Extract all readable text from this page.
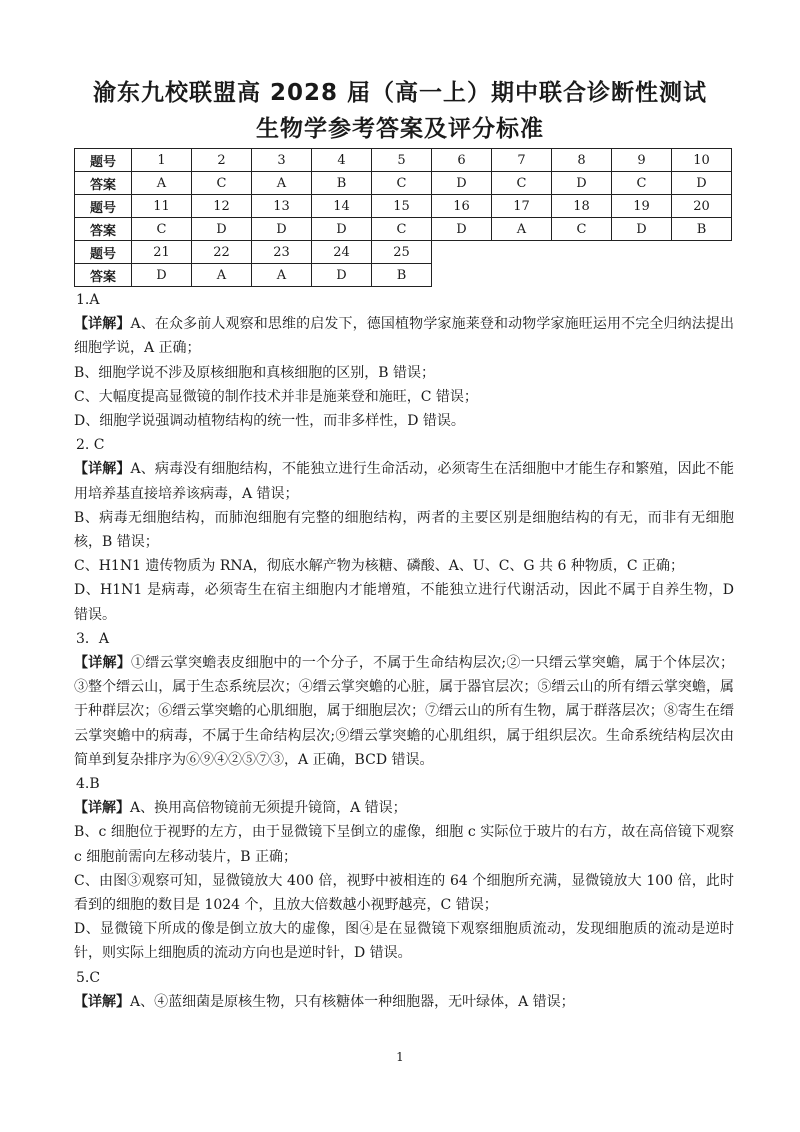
渝东九校联盟高 2028 届（高一上）期中联合诊断性测试
生物学参考答案及评分标准
题号	1	2	3	4	5	6	7	8	9	10
答案	A	C	A	B	C	D	C	D	C	D
题号	11	12	13	14	15	16	17	18	19	20
答案	C	D	D	D	C	D	A	C	D	B
题号	21	22	23	24	25					
答案	D	A	A	D	B					

1.A

【详解】A、在众多前人观察和思维的启发下，德国植物学家施莱登和动物学家施旺运用不完全归纳法提出细胞学说，A 正确；

B、细胞学说不涉及原核细胞和真核细胞的区别，B 错误；

C、大幅度提高显微镜的制作技术并非是施莱登和施旺，C 错误；

D、细胞学说强调动植物结构的统一性，而非多样性，D 错误。

2. C

【详解】A、病毒没有细胞结构，不能独立进行生命活动，必须寄生在活细胞中才能生存和繁殖，因此不能用培养基直接培养该病毒，A 错误；

B、病毒无细胞结构，而肺泡细胞有完整的细胞结构，两者的主要区别是细胞结构的有无，而非有无细胞核，B 错误；

C、H1N1 遗传物质为 RNA，彻底水解产物为核糖、磷酸、A、U、C、G 共 6 种物质，C 正确；

D、H1N1 是病毒，必须寄生在宿主细胞内才能增殖，不能独立进行代谢活动，因此不属于自养生物，D 错误。

3．A

【详解】①缙云掌突蟾表皮细胞中的一个分子，不属于生命结构层次;②一只缙云掌突蟾，属于个体层次；③整个缙云山，属于生态系统层次；④缙云掌突蟾的心脏，属于器官层次；⑤缙云山的所有缙云掌突蟾，属于种群层次；⑥缙云掌突蟾的心肌细胞，属于细胞层次；⑦缙云山的所有生物，属于群落层次；⑧寄生在缙云掌突蟾中的病毒，不属于生命结构层次;⑨缙云掌突蟾的心肌组织，属于组织层次。生命系统结构层次由简单到复杂排序为⑥⑨④②⑤⑦③，A 正确，BCD 错误。

4.B

【详解】A、换用高倍物镜前无须提升镜筒，A 错误；

B、c 细胞位于视野的左方，由于显微镜下呈倒立的虚像，细胞 c 实际位于玻片的右方，故在高倍镜下观察 c 细胞前需向左移动装片，B 正确；

C、由图③观察可知，显微镜放大 400 倍，视野中被相连的 64 个细胞所充满，显微镜放大 100 倍，此时看到的细胞的数目是 1024 个，且放大倍数越小视野越亮，C 错误；

D、显微镜下所成的像是倒立放大的虚像，图④是在显微镜下观察细胞质流动，发现细胞质的流动是逆时针，则实际上细胞质的流动方向也是逆时针，D 错误。

5.C

【详解】A、④蓝细菌是原核生物，只有核糖体一种细胞器，无叶绿体，A 错误；

1
